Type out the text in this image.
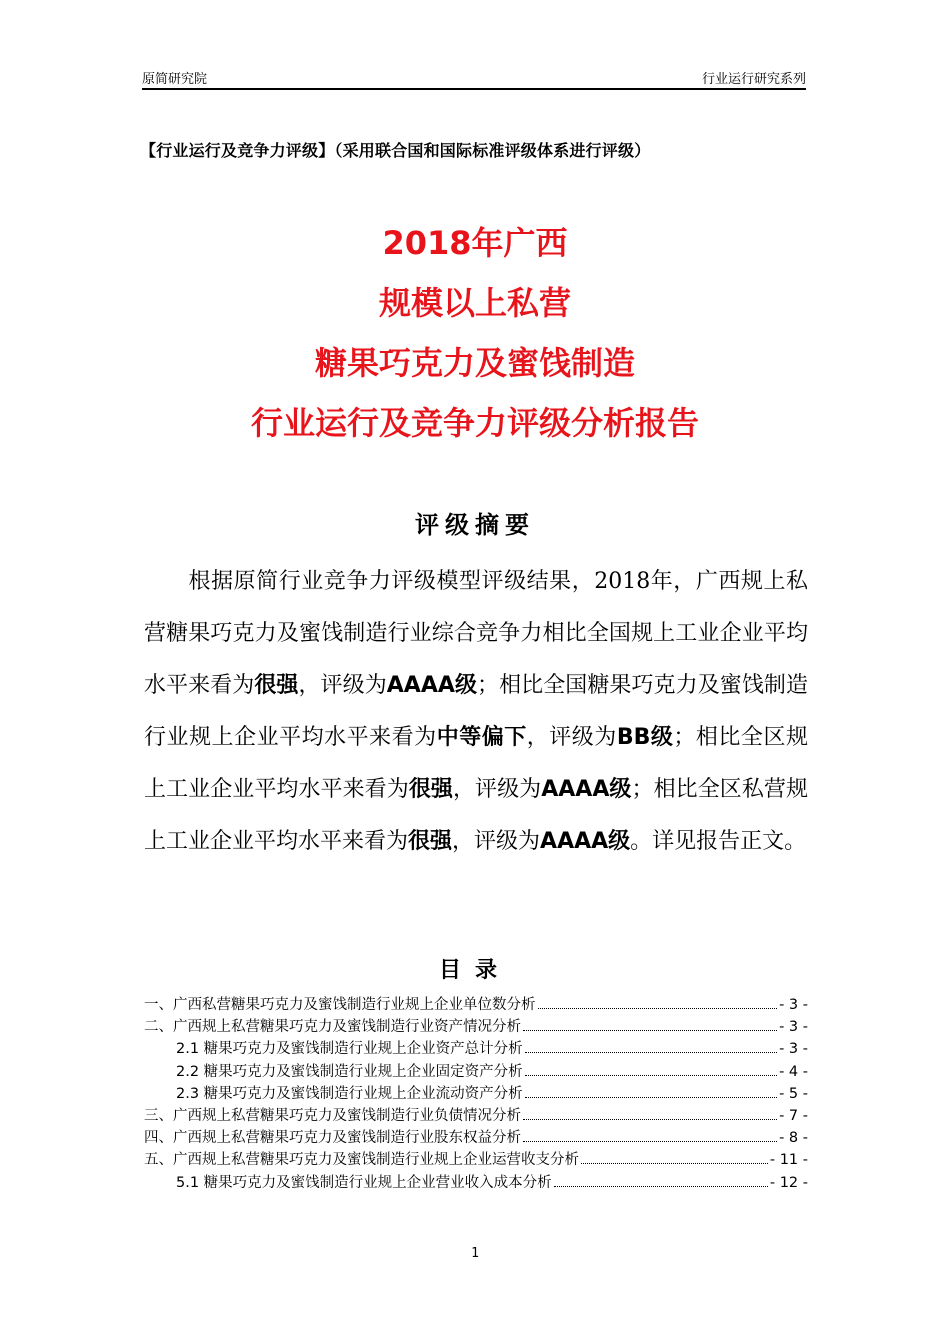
原简研究院	行业运行研究系列
【行业运行及竞争力评级】（采用联合国和国际标准评级体系进行评级）
2018年广西
规模以上私营
糖果巧克力及蜜饯制造
行业运行及竞争力评级分析报告
评级摘要
根据原简行业竞争力评级模型评级结果，2018年，广西规上私营糖果巧克力及蜜饯制造行业综合竞争力相比全国规上工业企业平均水平来看为很强，评级为AAAA级；相比全国糖果巧克力及蜜饯制造行业规上企业平均水平来看为中等偏下，评级为BB级；相比全区规上工业企业平均水平来看为很强，评级为AAAA级；相比全区私营规上工业企业平均水平来看为很强，评级为AAAA级。详见报告正文。
目录
一、广西私营糖果巧克力及蜜饯制造行业规上企业单位数分析	- 3 -
二、广西规上私营糖果巧克力及蜜饯制造行业资产情况分析	- 3 -
2.1 糖果巧克力及蜜饯制造行业规上企业资产总计分析	- 3 -
2.2 糖果巧克力及蜜饯制造行业规上企业固定资产分析	- 4 -
2.3 糖果巧克力及蜜饯制造行业规上企业流动资产分析	- 5 -
三、广西规上私营糖果巧克力及蜜饯制造行业负债情况分析	- 7 -
四、广西规上私营糖果巧克力及蜜饯制造行业股东权益分析	- 8 -
五、广西规上私营糖果巧克力及蜜饯制造行业规上企业运营收支分析	- 11 -
5.1 糖果巧克力及蜜饯制造行业规上企业营业收入成本分析	- 12 -
1
